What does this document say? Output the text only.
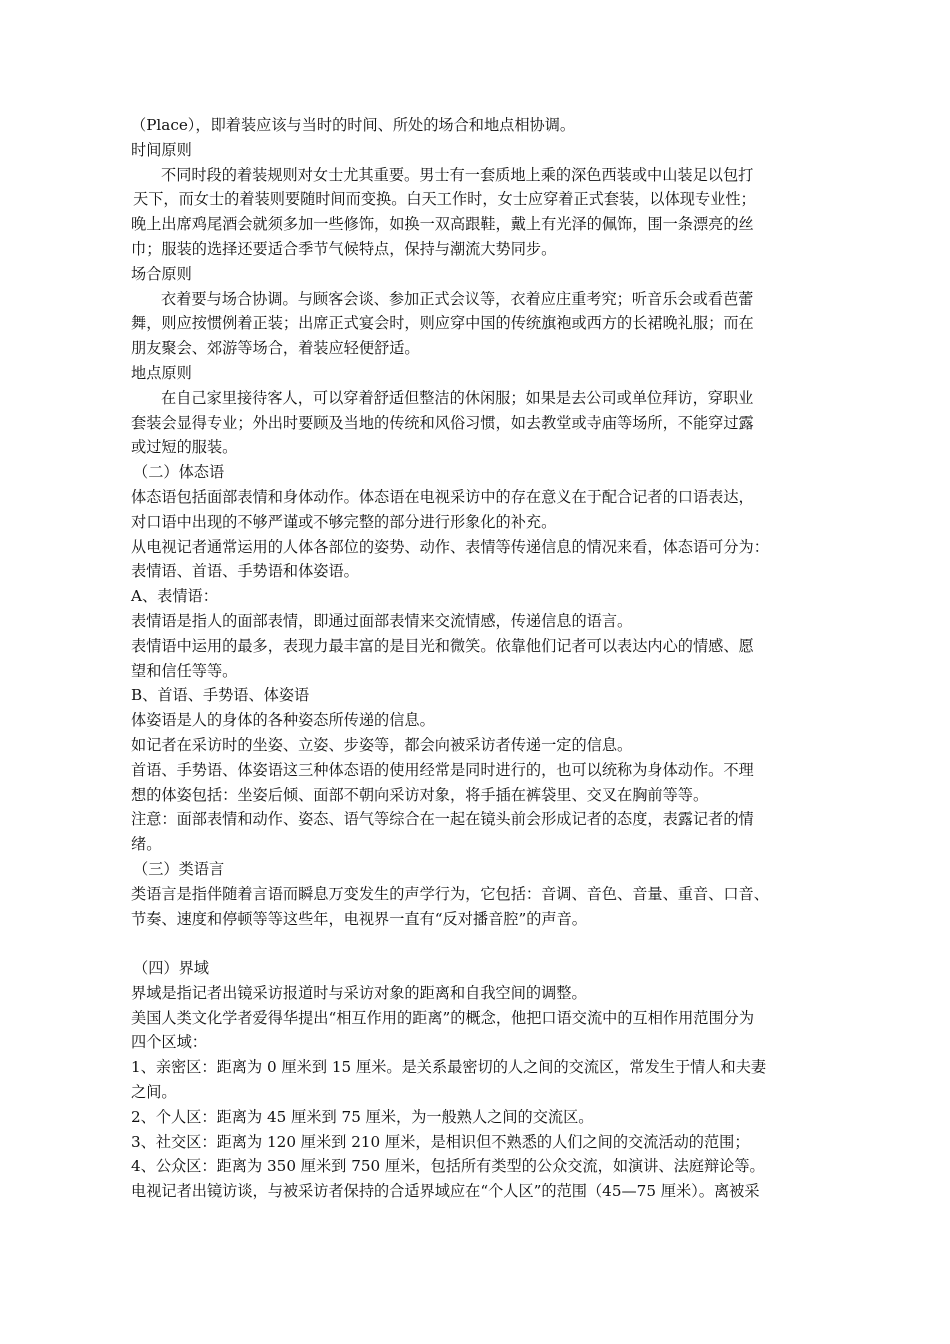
（Place），即着装应该与当时的时间、所处的场合和地点相协调。
时间原则
不同时段的着装规则对女士尤其重要。男士有一套质地上乘的深色西装或中山装足以包打
天下，而女士的着装则要随时间而变换。白天工作时，女士应穿着正式套装，以体现专业性；
晚上出席鸡尾酒会就须多加一些修饰，如换一双高跟鞋，戴上有光泽的佩饰，围一条漂亮的丝
巾；服装的选择还要适合季节气候特点，保持与潮流大势同步。
场合原则
衣着要与场合协调。与顾客会谈、参加正式会议等，衣着应庄重考究；听音乐会或看芭蕾
舞，则应按惯例着正装；出席正式宴会时，则应穿中国的传统旗袍或西方的长裙晚礼服；而在
朋友聚会、郊游等场合，着装应轻便舒适。
地点原则
在自己家里接待客人，可以穿着舒适但整洁的休闲服；如果是去公司或单位拜访，穿职业
套装会显得专业；外出时要顾及当地的传统和风俗习惯，如去教堂或寺庙等场所，不能穿过露
或过短的服装。
（二）体态语
体态语包括面部表情和身体动作。体态语在电视采访中的存在意义在于配合记者的口语表达，
对口语中出现的不够严谨或不够完整的部分进行形象化的补充。
从电视记者通常运用的人体各部位的姿势、动作、表情等传递信息的情况来看，体态语可分为：
表情语、首语、手势语和体姿语。
A、表情语：
表情语是指人的面部表情，即通过面部表情来交流情感，传递信息的语言。
表情语中运用的最多，表现力最丰富的是目光和微笑。依靠他们记者可以表达内心的情感、愿
望和信任等等。
B、首语、手势语、体姿语
体姿语是人的身体的各种姿态所传递的信息。
如记者在采访时的坐姿、立姿、步姿等，都会向被采访者传递一定的信息。
首语、手势语、体姿语这三种体态语的使用经常是同时进行的，也可以统称为身体动作。不理
想的体姿包括：坐姿后倾、面部不朝向采访对象，将手插在裤袋里、交叉在胸前等等。
注意：面部表情和动作、姿态、语气等综合在一起在镜头前会形成记者的态度，表露记者的情
绪。
（三）类语言
类语言是指伴随着言语而瞬息万变发生的声学行为，它包括：音调、音色、音量、重音、口音、
节奏、速度和停顿等等这些年，电视界一直有“反对播音腔”的声音。
（四）界域
界域是指记者出镜采访报道时与采访对象的距离和自我空间的调整。
美国人类文化学者爱得华提出“相互作用的距离”的概念，他把口语交流中的互相作用范围分为
四个区域：
1、亲密区：距离为 0 厘米到 15 厘米。是关系最密切的人之间的交流区，常发生于情人和夫妻
之间。
2、个人区：距离为 45 厘米到 75 厘米，为一般熟人之间的交流区。
3、社交区：距离为 120 厘米到 210 厘米，是相识但不熟悉的人们之间的交流活动的范围；
4、公众区：距离为 350 厘米到 750 厘米，包括所有类型的公众交流，如演讲、法庭辩论等。
电视记者出镜访谈，与被采访者保持的合适界域应在“个人区”的范围（45—75 厘米）。离被采
